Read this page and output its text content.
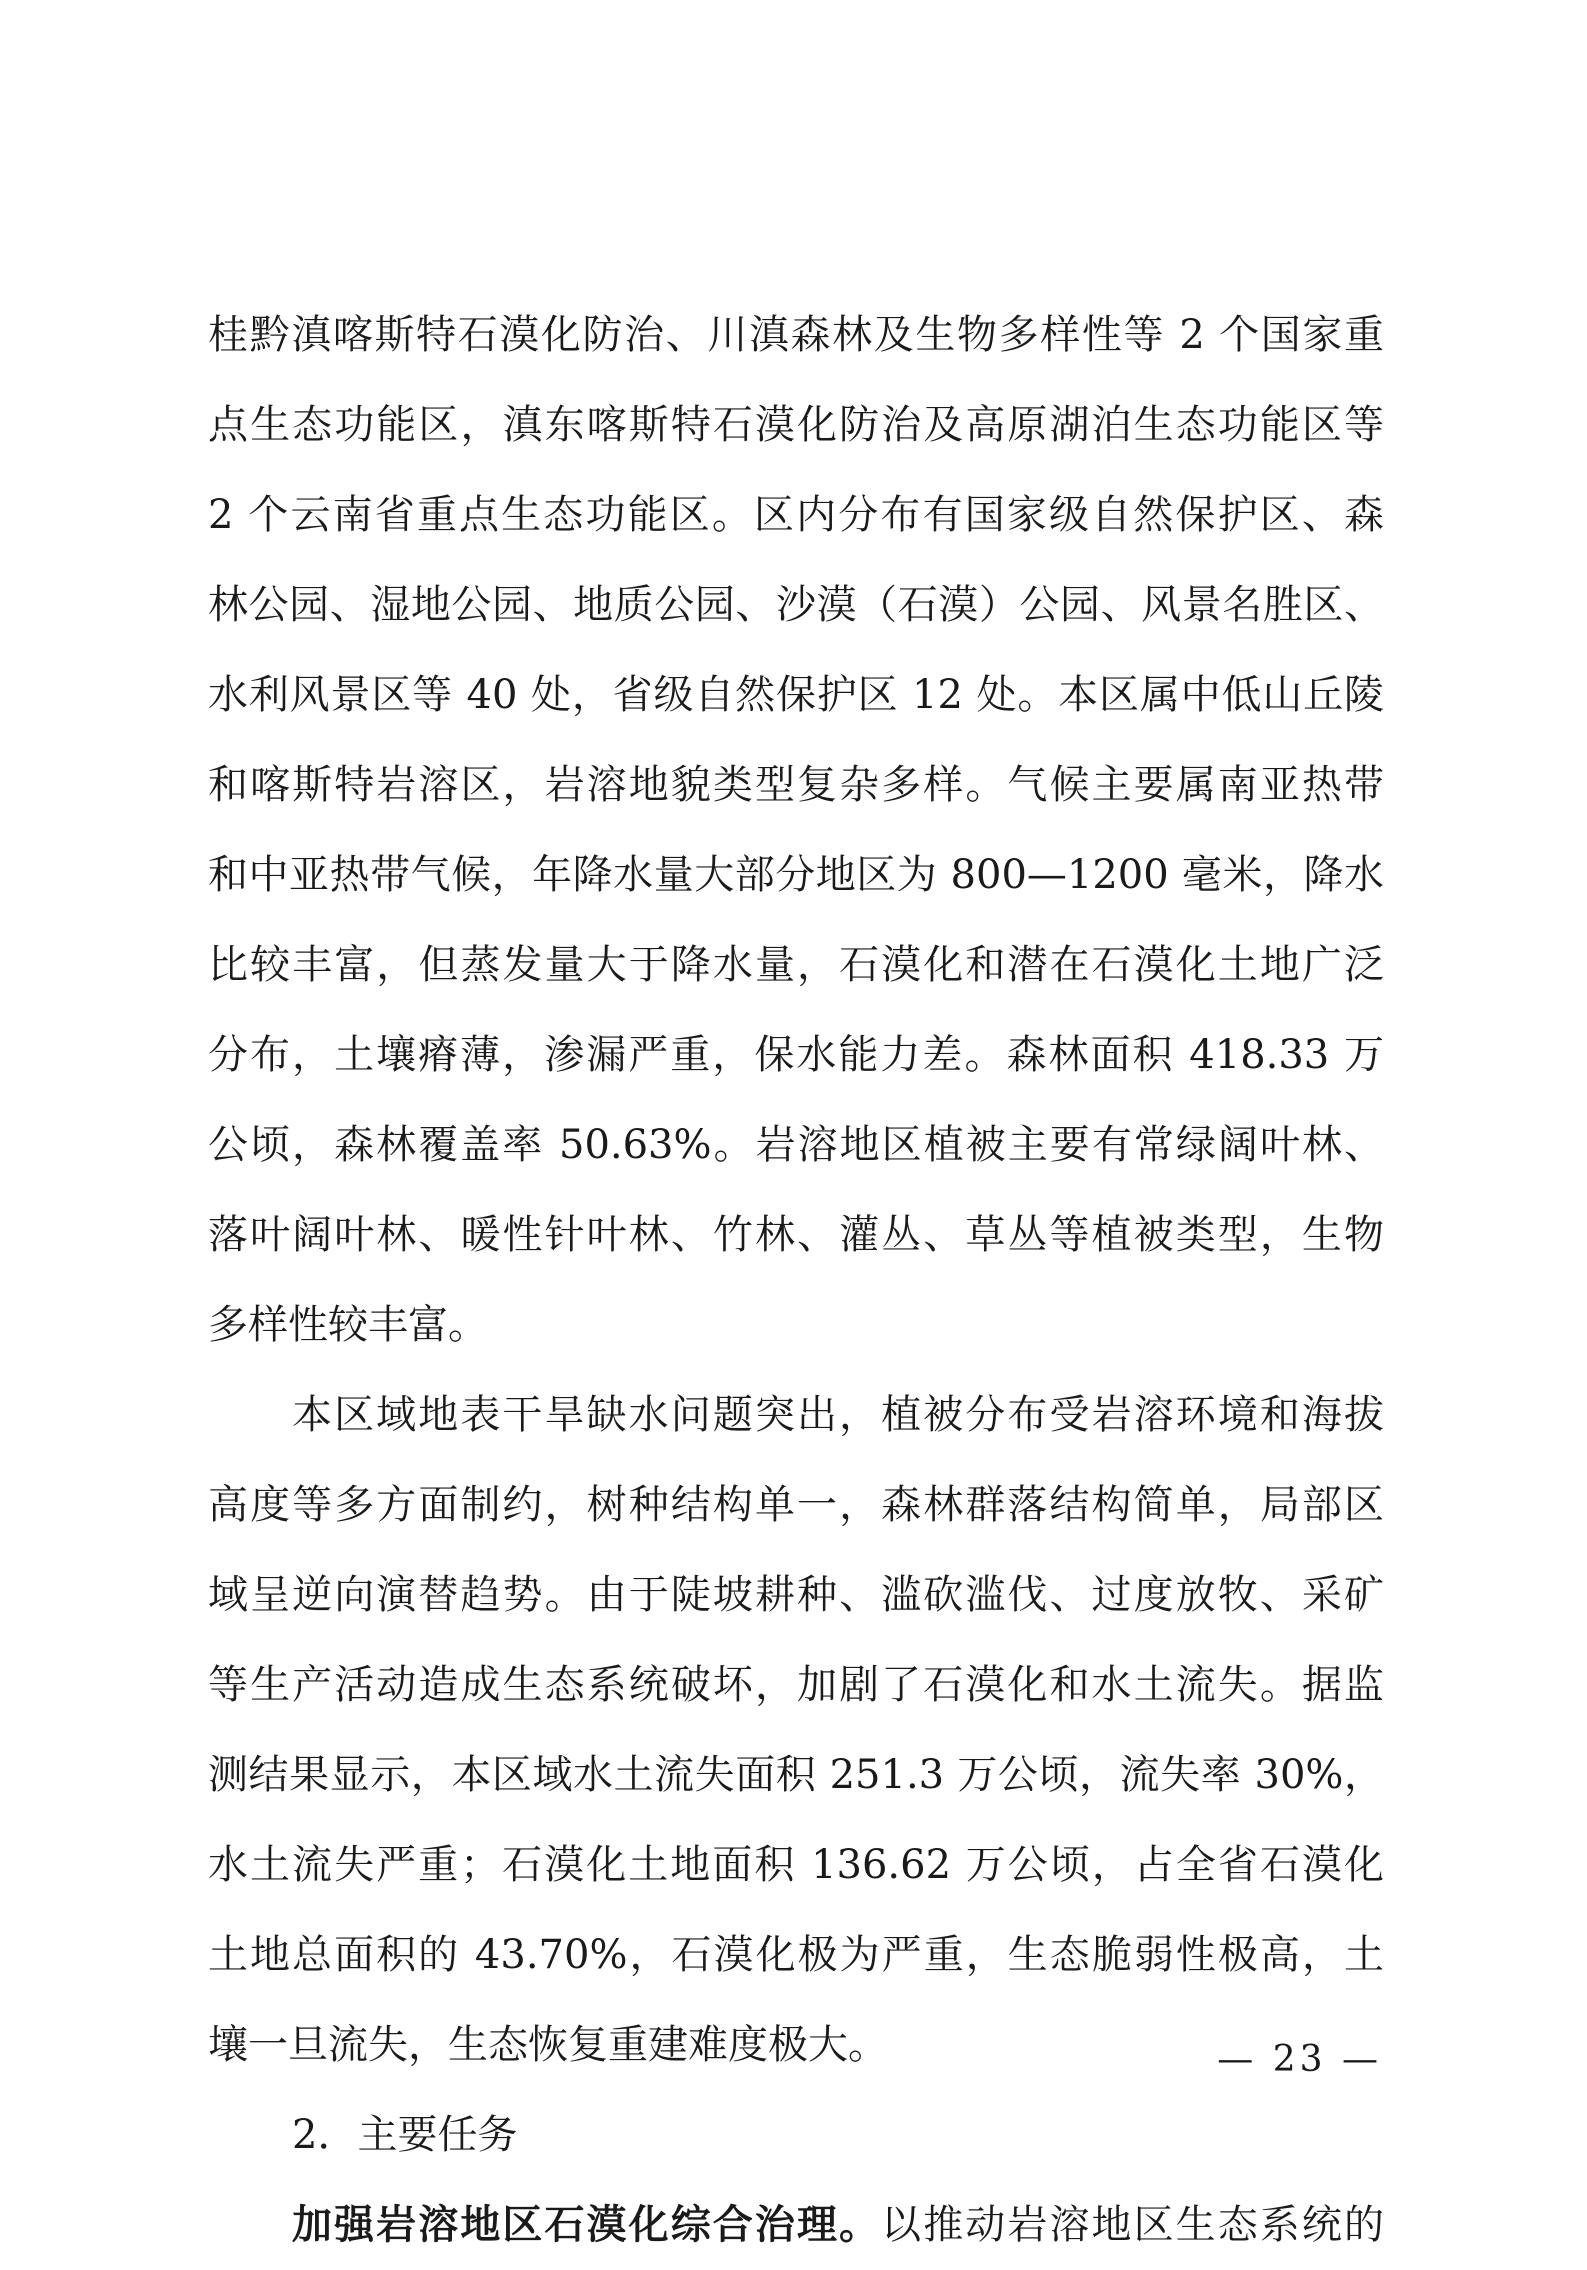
桂黔滇喀斯特石漠化防治、川滇森林及生物多样性等 2 个国家重
点生态功能区，滇东喀斯特石漠化防治及高原湖泊生态功能区等
2 个云南省重点生态功能区。区内分布有国家级自然保护区、森
林公园、湿地公园、地质公园、沙漠（石漠）公园、风景名胜区、
水利风景区等 40 处，省级自然保护区 12 处。本区属中低山丘陵
和喀斯特岩溶区，岩溶地貌类型复杂多样。气候主要属南亚热带
和中亚热带气候，年降水量大部分地区为 800—1200 毫米，降水
比较丰富，但蒸发量大于降水量，石漠化和潜在石漠化土地广泛
分布，土壤瘠薄，渗漏严重，保水能力差。森林面积 418.33 万
公顷，森林覆盖率 50.63%。岩溶地区植被主要有常绿阔叶林、
落叶阔叶林、暖性针叶林、竹林、灌丛、草丛等植被类型，生物
多样性较丰富。
本区域地表干旱缺水问题突出，植被分布受岩溶环境和海拔
高度等多方面制约，树种结构单一，森林群落结构简单，局部区
域呈逆向演替趋势。由于陡坡耕种、滥砍滥伐、过度放牧、采矿
等生产活动造成生态系统破坏，加剧了石漠化和水土流失。据监
测结果显示，本区域水土流失面积 251.3 万公顷，流失率 30%，
水土流失严重；石漠化土地面积 136.62 万公顷，占全省石漠化
土地总面积的 43.70%，石漠化极为严重，生态脆弱性极高，土
壤一旦流失，生态恢复重建难度极大。
2．主要任务
加强岩溶地区石漠化综合治理。以推动岩溶地区生态系统的
— 23 —
